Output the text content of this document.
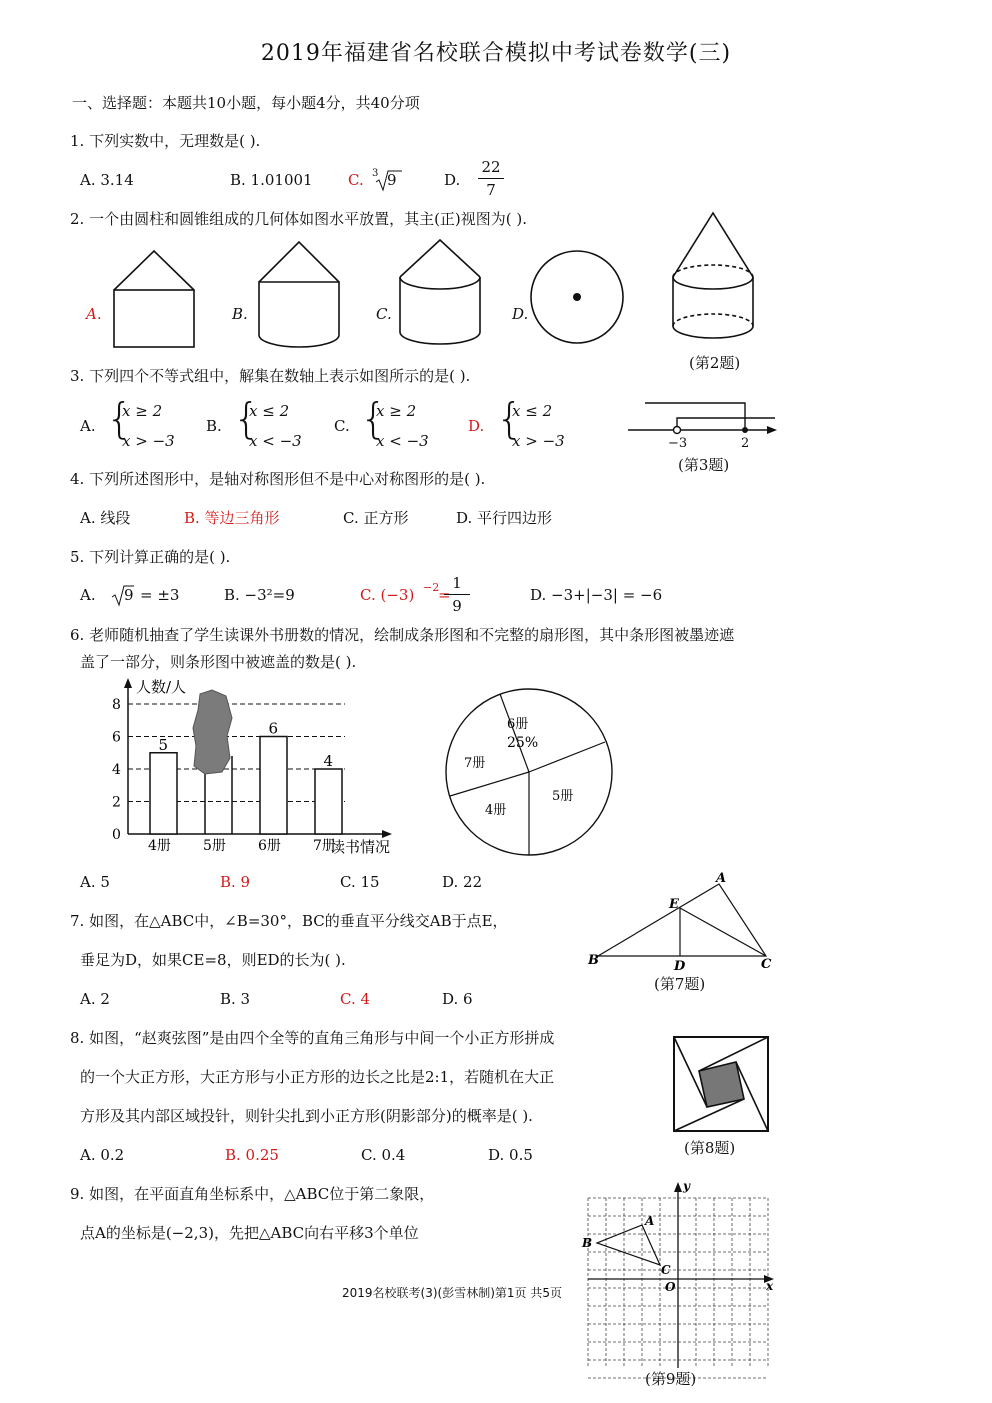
2019年福建省名校联合模拟中考试卷数学(三)
一、选择题：本题共10小题，每小题4分，共40分项
1. 下列实数中，无理数是( ).
A. 3.14	B. 1.01001 C. 3 9	D.
22
7
2. 一个由圆柱和圆锥组成的几何体如图水平放置，其主(正)视图为( ).
A.	B.	C.	D.
(第2题)
3. 下列四个不等式组中，解集在数轴上表示如图所示的是( ).
A. {
x ≥ 2
x > −3
B. {
x ≤ 2
x < −3
C. {
x ≥ 2
x < −3
D. {
x ≤ 2
x > −3	−3	2
(第3题)
4. 下列所述图形中，是轴对称图形但不是中心对称图形的是( ).
A. 线段	B. 等边三角形	C. 正方形	D. 平行四边形
5. 下列计算正确的是( ).
A. 9 = ±3	B. −3²=9	C. (−3) −2
=
1
9
D. −3+|−3| = −6
6. 老师随机抽查了学生读课外书册数的情况，绘制成条形图和不完整的扇形图，其中条形图被墨迹遮
盖了一部分，则条形图中被遮盖的数是( ).
5
6
4
0
2
4
6
8
4册 5册 6册 7册
人数/人
读书情况
6册
25%
7册
4册
5册
A. 5	B. 9	C. 15	D. 22
7. 如图，在△ABC中，∠B=30°，BC的垂直平分线交AB于点E，
垂足为D，如果CE=8，则ED的长为( ).
A. 2	B. 3	C. 4	D. 6
A
B	C
D
E
(第7题)
8. 如图，“赵爽弦图”是由四个全等的直角三角形与中间一个小正方形拼成
的一个大正方形，大正方形与小正方形的边长之比是2:1，若随机在大正
方形及其内部区域投针，则针尖扎到小正方形(阴影部分)的概率是( ).
A. 0.2	B. 0.25	C. 0.4	D. 0.5	(第8题)
9. 如图，在平面直角坐标系中，△ABC位于第二象限，
点A的坐标是(−2,3)，先把△ABC向右平移3个单位
A
B
C
O	x
y
(第9题)
2019名校联考(3)(彭雪林制)第1页 共5页
